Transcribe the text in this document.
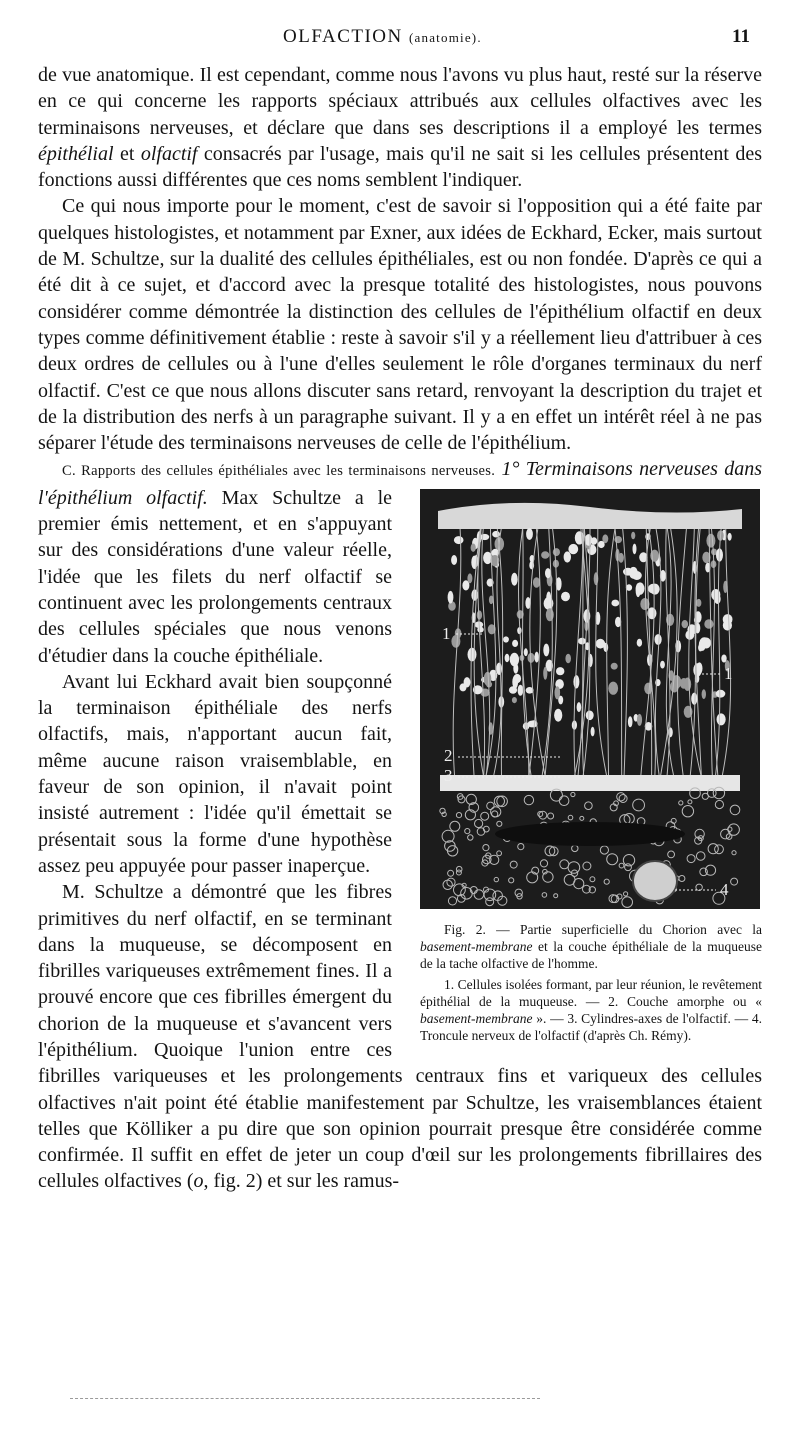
OLFACTION (anatomie).	11

de vue anatomique. Il est cependant, comme nous l'avons vu plus haut, resté sur la réserve en ce qui concerne les rapports spéciaux attribués aux cellules olfactives avec les terminaisons nerveuses, et déclare que dans ses descriptions il a employé les termes épithélial et olfactif consacrés par l'usage, mais qu'il ne sait si les cellules présentent des fonctions aussi différentes que ces noms semblent l'indiquer.

Ce qui nous importe pour le moment, c'est de savoir si l'opposition qui a été faite par quelques histologistes, et notamment par Exner, aux idées de Eckhard, Ecker, mais surtout de M. Schultze, sur la dualité des cellules épithéliales, est ou non fondée. D'après ce qui a été dit à ce sujet, et d'accord avec la presque totalité des histologistes, nous pouvons considérer comme démontrée la distinction des cellules de l'épithélium olfactif en deux types comme définitivement établie : reste à savoir s'il y a réellement lieu d'attribuer à ces deux ordres de cellules ou à l'une d'elles seulement le rôle d'organes terminaux du nerf olfactif. C'est ce que nous allons discuter sans retard, renvoyant la description du trajet et de la distribution des nerfs à un paragraphe suivant. Il y a en effet un intérêt réel à ne pas séparer l'étude des terminaisons nerveuses de celle de l'épithélium.

C. Rapports des cellules épithéliales avec les terminaisons nerveuses. 1° Terminaisons nerveuses dans l'épithélium olfactif.
1
1
2
3
4
Fig. 2. — Partie superficielle du Chorion avec la basement-membrane et la couche épithéliale de la muqueuse de la tache olfactive de l'homme.
1. Cellules isolées formant, par leur réunion, le revêtement épithélial de la muqueuse. — 2. Couche amorphe ou « basement-membrane ». — 3. Cylindres-axes de l'olfactif. — 4. Troncule nerveux de l'olfactif (d'après Ch. Rémy).
Max Schultze a le premier émis nettement, et en s'appuyant sur des considérations d'une valeur réelle, l'idée que les filets du nerf olfactif se continuent avec les prolongements centraux des cellules spéciales que nous venons d'étudier dans la couche épithéliale.

Avant lui Eckhard avait bien soupçonné la terminaison épithéliale des nerfs olfactifs, mais, n'apportant aucun fait, même aucune raison vraisemblable, en faveur de son opinion, il n'avait point insisté autrement : l'idée qu'il émettait se présentait sous la forme d'une hypothèse assez peu appuyée pour passer inaperçue.

M. Schultze a démontré que les fibres primitives du nerf olfactif, en se terminant dans la muqueuse, se décomposent en fibrilles variqueuses extrêmement fines. Il a prouvé encore que ces fibrilles émergent du chorion de la muqueuse et s'avancent vers l'épithélium. Quoique l'union entre ces fibrilles variqueuses et les prolongements centraux fins et variqueux des cellules olfactives n'ait point été établie manifestement par Schultze, les vraisemblances étaient telles que Kölliker a pu dire que son opinion pourrait presque être considérée comme confirmée. Il suffit en effet de jeter un coup d'œil sur les prolongements fibrillaires des cellules olfactives (o, fig. 2) et sur les ramus-
